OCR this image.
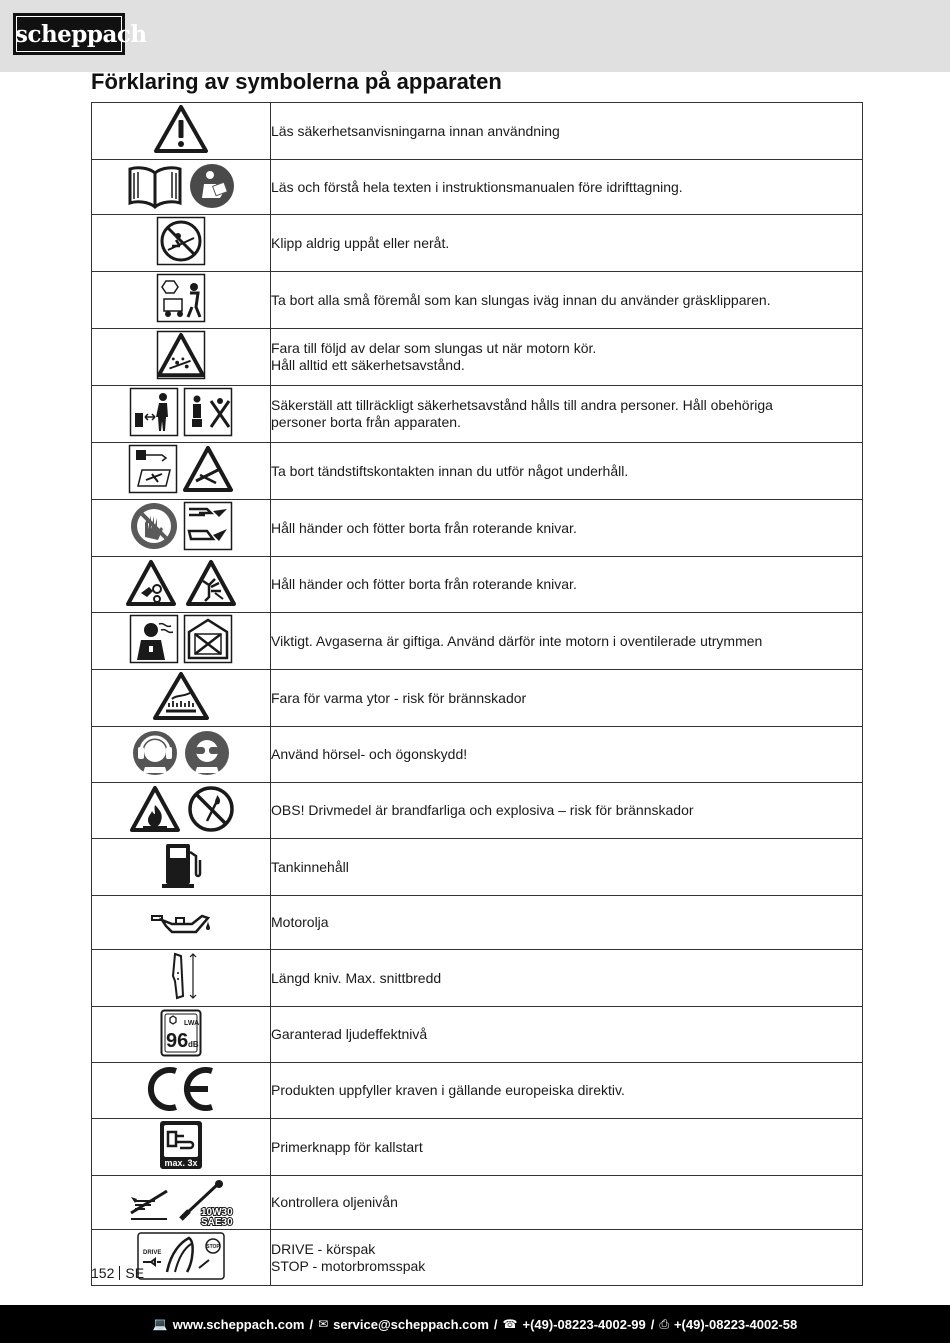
scheppach
Förklaring av symbolerna på apparaten

Läs säkerhetsanvisningarna innan användning

Läs och förstå hela texten i instruktionsmanualen före idrifttagning.

Klipp aldrig uppåt eller neråt.

Ta bort alla små föremål som kan slungas iväg innan du använder gräsklipparen.

Fara till följd av delar som slungas ut när motorn kör.
Håll alltid ett säkerhetsavstånd.

Säkerställ att tillräckligt säkerhetsavstånd hålls till andra personer. Håll obehöriga
personer borta från apparaten.

Ta bort tändstiftskontakten innan du utför något underhåll.

Håll händer och fötter borta från roterande knivar.

Håll händer och fötter borta från roterande knivar.

Viktigt. Avgaserna är giftiga. Använd därför inte motorn i oventilerade utrymmen

Fara för varma ytor - risk för brännskador

Använd hörsel- och ögonskydd!

OBS! Drivmedel är brandfarliga och explosiva – risk för brännskador

Tankinnehåll

Motorolja

Längd kniv. Max. snittbredd

LWA
96 dB	Garanterad ljudeffektnivå

Produkten uppfyller kraven i gällande europeiska direktiv.

max. 3x	Primerknapp för kallstart

10W30
SAE30	Kontrollera oljenivån

DRIVE
STOP	DRIVE - körspak
STOP - motorbromsspak
152 SE
💻 www.scheppach.com / ✉ service@scheppach.com / ☎ +(49)-08223-4002-99 / ⎙ +(49)-08223-4002-58
